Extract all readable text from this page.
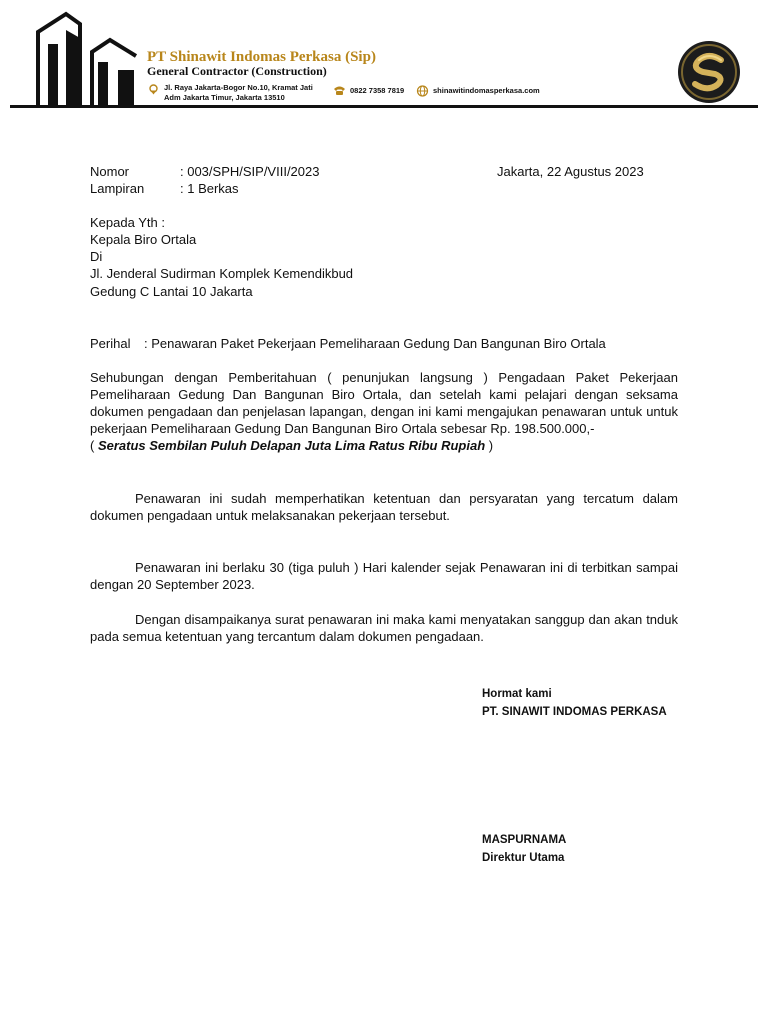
PT Shinawit Indomas Perkasa (Sip)
General Contractor (Construction)
Jl. Raya Jakarta-Bogor No.10, Kramat Jati
Adm Jakarta Timur, Jakarta 13510
0822 7358 7819	shinawitindomasperkasa.com
Nomor	: 003/SPH/SIP/VIII/2023	Jakarta, 22 Agustus 2023
Lampiran	: 1 Berkas
Kepada Yth :
Kepala Biro Ortala
Di
Jl. Jenderal Sudirman Komplek Kemendikbud
Gedung C Lantai 10 Jakarta
Perihal : Penawaran Paket Pekerjaan Pemeliharaan Gedung Dan Bangunan Biro Ortala

Sehubungan dengan Pemberitahuan ( penunjukan langsung ) Pengadaan Paket Pekerjaan Pemeliharaan Gedung Dan Bangunan Biro Ortala, dan setelah kami pelajari dengan seksama dokumen pengadaan dan penjelasan lapangan, dengan ini kami mengajukan penawaran untuk untuk pekerjaan Pemeliharaan Gedung Dan Bangunan Biro Ortala sebesar Rp. 198.500.000,-
( Seratus Sembilan Puluh Delapan Juta Lima Ratus Ribu Rupiah )

Penawaran ini sudah memperhatikan ketentuan dan persyaratan yang tercatum dalam dokumen pengadaan untuk melaksanakan pekerjaan tersebut.

Penawaran ini berlaku 30 (tiga puluh ) Hari kalender sejak Penawaran ini di terbitkan sampai dengan 20 September 2023.

Dengan disampaikanya surat penawaran ini maka kami menyatakan sanggup dan akan tnduk pada semua ketentuan yang tercantum dalam dokumen pengadaan.

Hormat kami
PT. SINAWIT INDOMAS PERKASA
MASPURNAMA
Direktur Utama
